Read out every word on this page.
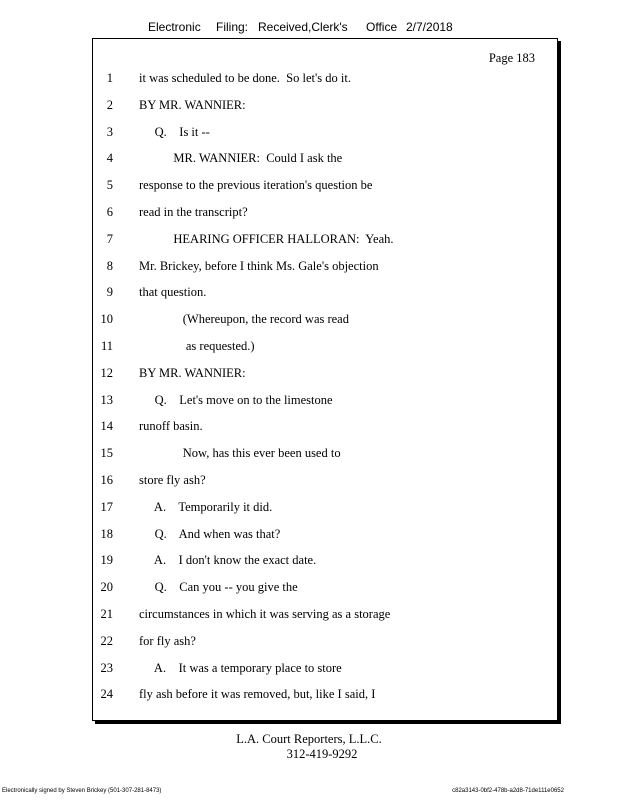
Electronic Filing: Received,Clerk's Office 2/7/2018
Page 183
1 it was scheduled to be done.  So let's do it.
2 BY MR. WANNIER:
3 Q.    Is it --
4 MR. WANNIER:  Could I ask the
5 response to the previous iteration's question be
6 read in the transcript?
7 HEARING OFFICER HALLORAN:  Yeah.
8 Mr. Brickey, before I think Ms. Gale's objection
9 that question.
10 (Whereupon, the record was read
11 as requested.)
12 BY MR. WANNIER:
13 Q.    Let's move on to the limestone
14 runoff basin.
15 Now, has this ever been used to
16 store fly ash?
17 A.    Temporarily it did.
18 Q.    And when was that?
19 A.    I don't know the exact date.
20 Q.    Can you -- you give the
21 circumstances in which it was serving as a storage
22 for fly ash?
23 A.    It was a temporary place to store
24 fly ash before it was removed, but, like I said, I
L.A. Court Reporters, L.L.C.
312-419-9292
Electronically signed by Steven Brickey (501-307-281-8473)	c82a3143-0bf2-478b-a2d8-71de111e0652
